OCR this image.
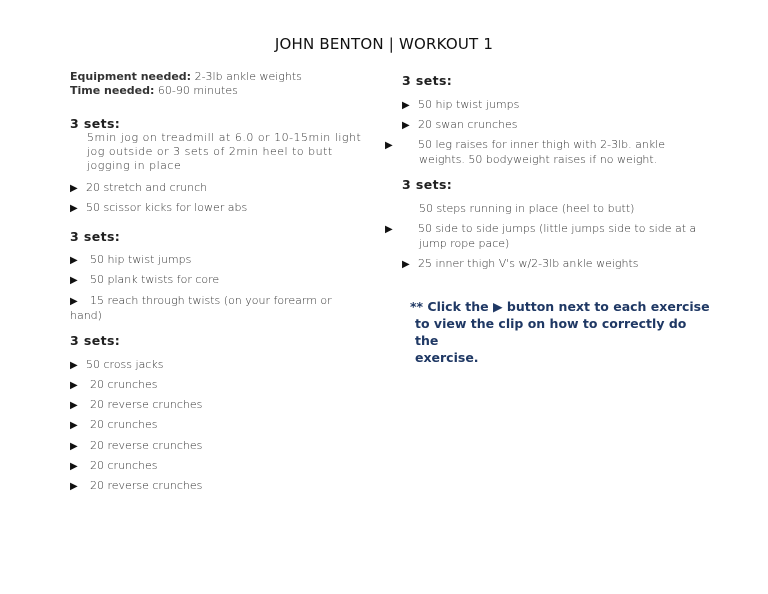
JOHN BENTON | WORKOUT 1
Equipment needed: 2-3lb ankle weights
Time needed: 60-90 minutes
3 sets:
5min jog on treadmill at 6.0 or 10-15min light jog outside or 3 sets of 2min heel to butt jogging in place
▶ 20 stretch and crunch
▶ 50 scissor kicks for lower abs
3 sets:
▶ 50 hip twist jumps
▶ 50 plank twists for core
▶ 15 reach through twists (on your forearm or hand)
3 sets:
▶ 50 cross jacks
▶ 20 crunches
▶ 20 reverse crunches
▶ 20 crunches
▶ 20 reverse crunches
▶ 20 crunches
▶ 20 reverse crunches
3 sets:
▶ 50 hip twist jumps
▶ 20 swan crunches
▶ 50 leg raises for inner thigh with 2-3lb. ankle weights. 50 bodyweight raises if no weight.
3 sets:
50 steps running in place (heel to butt)
▶ 50 side to side jumps (little jumps side to side at a jump rope pace)
▶ 25 inner thigh V's w/2-3lb ankle weights
** Click the ▶ button next to each exercise
to view the clip on how to correctly do the
exercise.
